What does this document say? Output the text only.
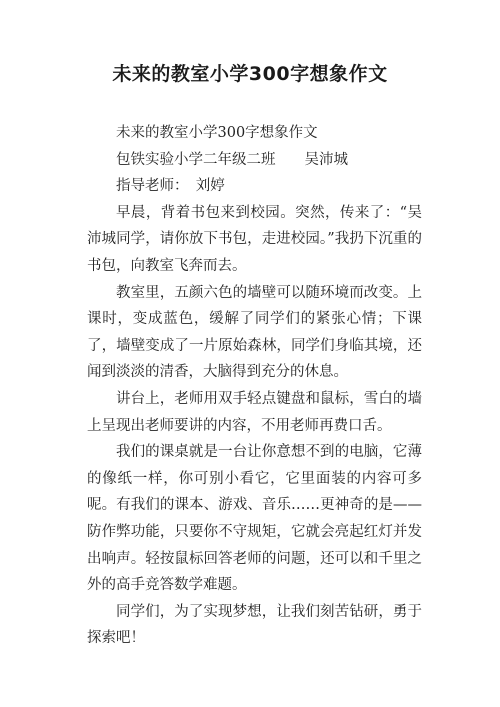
未来的教室小学300字想象作文

未来的教室小学300字想象作文

包铁实验小学二年级二班　　吴沛城

指导老师：　刘婷

早晨，背着书包来到校园。突然，传来了：“吴沛城同学，请你放下书包，走进校园。”我扔下沉重的书包，向教室飞奔而去。

教室里，五颜六色的墙壁可以随环境而改变。上课时，变成蓝色，缓解了同学们的紧张心情；下课了，墙壁变成了一片原始森林，同学们身临其境，还闻到淡淡的清香，大脑得到充分的休息。

讲台上，老师用双手轻点键盘和鼠标，雪白的墙上呈现出老师要讲的内容，不用老师再费口舌。

我们的课桌就是一台让你意想不到的电脑，它薄的像纸一样，你可别小看它，它里面装的内容可多呢。有我们的课本、游戏、音乐……更神奇的是——防作弊功能，只要你不守规矩，它就会亮起红灯并发出响声。轻按鼠标回答老师的问题，还可以和千里之外的高手竞答数学难题。

同学们，为了实现梦想，让我们刻苦钻研，勇于探索吧！
